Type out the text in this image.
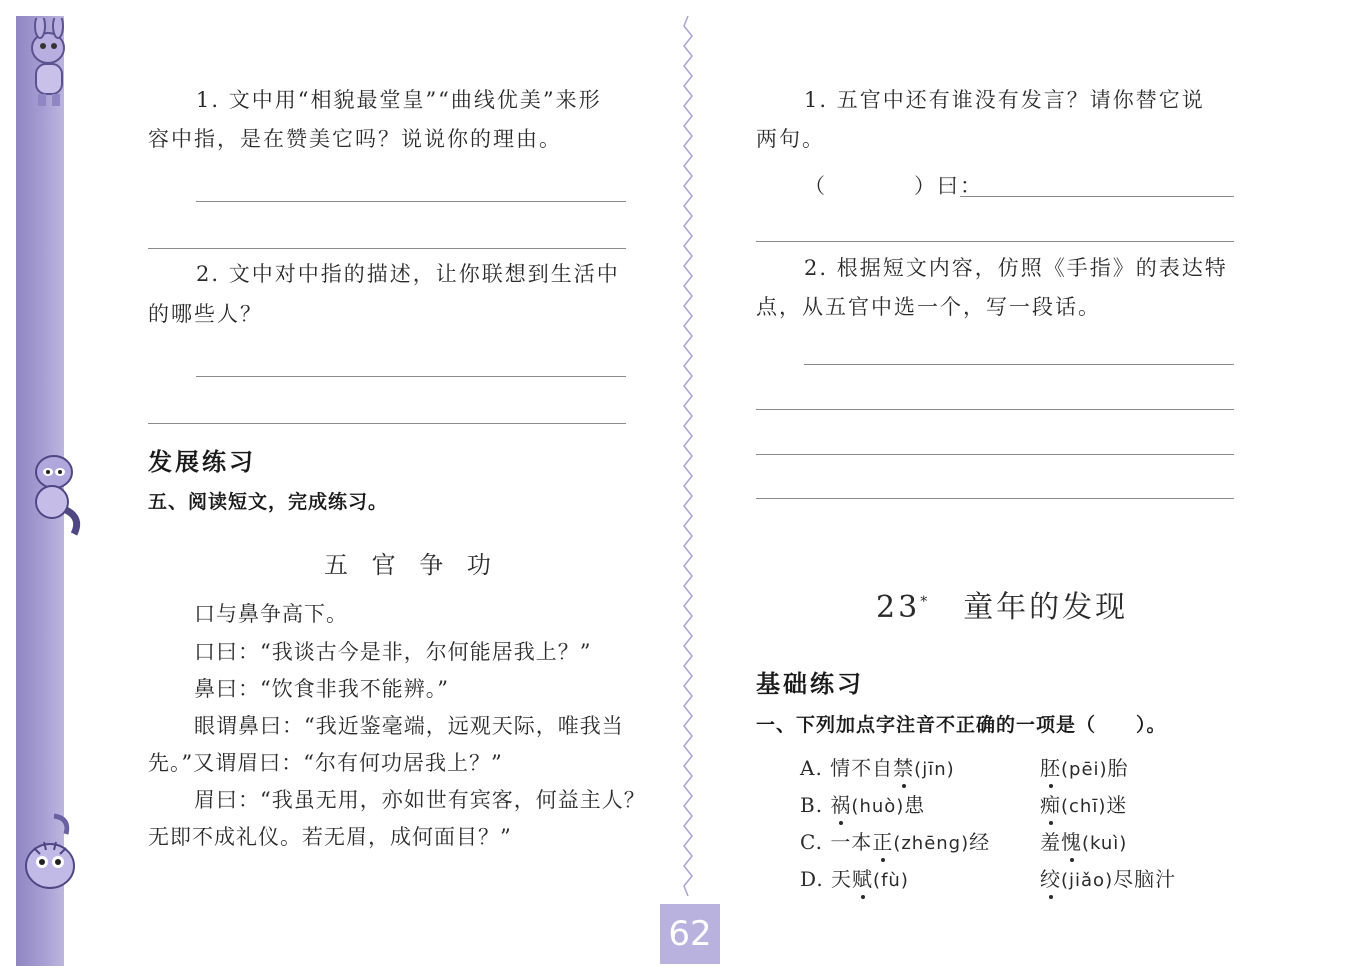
1. 文中用“相貌最堂皇”“曲线优美”来形
容中指，是在赞美它吗？说说你的理由。
2. 文中对中指的描述，让你联想到生活中
的哪些人？
发展练习
五、阅读短文，完成练习。
五 官 争 功
口与鼻争高下。
口曰：“我谈古今是非，尔何能居我上？”
鼻曰：“饮食非我不能辨。”
眼谓鼻曰：“我近鉴毫端，远观天际，唯我当
先。”又谓眉曰：“尔有何功居我上？”
眉曰：“我虽无用，亦如世有宾客，何益主人？
无即不成礼仪。若无眉，成何面目？”
1. 五官中还有谁没有发言？请你替它说
两句。
（	）曰：
2. 根据短文内容，仿照《手指》的表达特
点，从五官中选一个，写一段话。
23*  童年的发现
基础练习
一、下列加点字注音不正确的一项是（　　）。
A. 情不自禁(jīn)	胚(pēi)胎
B. 祸(huò)患	痴(chī)迷
C. 一本正(zhēng)经 羞愧(kuì)
D. 天赋(fù)	绞(jiǎo)尽脑汁
62
